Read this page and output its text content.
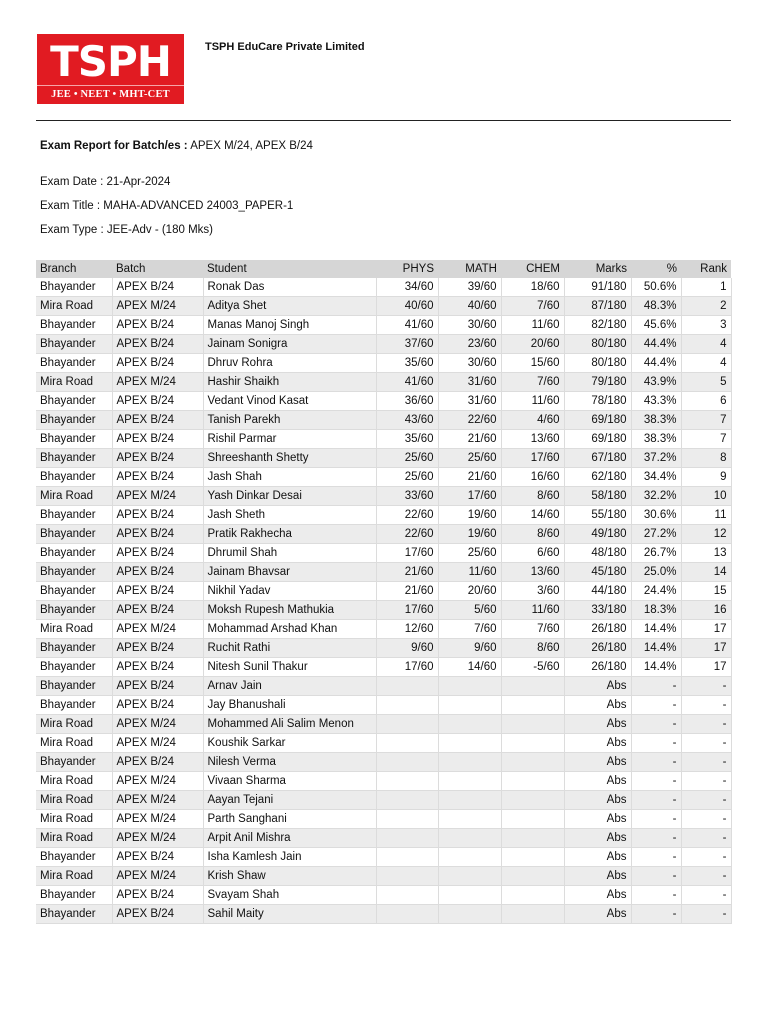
TSPH
JEE • NEET • MHT-CET
TSPH EduCare Private Limited
Exam Report for Batch/es : APEX M/24, APEX B/24
Exam Date : 21-Apr-2024
Exam Title : MAHA-ADVANCED 24003_PAPER-1
Exam Type : JEE-Adv - (180 Mks)
Branch	Batch	Student	PHYS	MATH	CHEM	Marks	%	Rank
Bhayander	APEX B/24	Ronak Das	34/60	39/60	18/60	91/180	50.6%	1
Mira Road	APEX M/24	Aditya Shet	40/60	40/60	7/60	87/180	48.3%	2
Bhayander	APEX B/24	Manas Manoj Singh	41/60	30/60	11/60	82/180	45.6%	3
Bhayander	APEX B/24	Jainam Sonigra	37/60	23/60	20/60	80/180	44.4%	4
Bhayander	APEX B/24	Dhruv Rohra	35/60	30/60	15/60	80/180	44.4%	4
Mira Road	APEX M/24	Hashir Shaikh	41/60	31/60	7/60	79/180	43.9%	5
Bhayander	APEX B/24	Vedant Vinod Kasat	36/60	31/60	11/60	78/180	43.3%	6
Bhayander	APEX B/24	Tanish Parekh	43/60	22/60	4/60	69/180	38.3%	7
Bhayander	APEX B/24	Rishil Parmar	35/60	21/60	13/60	69/180	38.3%	7
Bhayander	APEX B/24	Shreeshanth Shetty	25/60	25/60	17/60	67/180	37.2%	8
Bhayander	APEX B/24	Jash Shah	25/60	21/60	16/60	62/180	34.4%	9
Mira Road	APEX M/24	Yash Dinkar Desai	33/60	17/60	8/60	58/180	32.2%	10
Bhayander	APEX B/24	Jash Sheth	22/60	19/60	14/60	55/180	30.6%	11
Bhayander	APEX B/24	Pratik Rakhecha	22/60	19/60	8/60	49/180	27.2%	12
Bhayander	APEX B/24	Dhrumil Shah	17/60	25/60	6/60	48/180	26.7%	13
Bhayander	APEX B/24	Jainam Bhavsar	21/60	11/60	13/60	45/180	25.0%	14
Bhayander	APEX B/24	Nikhil Yadav	21/60	20/60	3/60	44/180	24.4%	15
Bhayander	APEX B/24	Moksh Rupesh Mathukia	17/60	5/60	11/60	33/180	18.3%	16
Mira Road	APEX M/24	Mohammad Arshad Khan	12/60	7/60	7/60	26/180	14.4%	17
Bhayander	APEX B/24	Ruchit Rathi	9/60	9/60	8/60	26/180	14.4%	17
Bhayander	APEX B/24	Nitesh Sunil Thakur	17/60	14/60	-5/60	26/180	14.4%	17
Bhayander	APEX B/24	Arnav Jain				Abs	-	-
Bhayander	APEX B/24	Jay Bhanushali				Abs	-	-
Mira Road	APEX M/24	Mohammed Ali Salim Menon				Abs	-	-
Mira Road	APEX M/24	Koushik Sarkar				Abs	-	-
Bhayander	APEX B/24	Nilesh Verma				Abs	-	-
Mira Road	APEX M/24	Vivaan Sharma				Abs	-	-
Mira Road	APEX M/24	Aayan Tejani				Abs	-	-
Mira Road	APEX M/24	Parth Sanghani				Abs	-	-
Mira Road	APEX M/24	Arpit Anil Mishra				Abs	-	-
Bhayander	APEX B/24	Isha Kamlesh Jain				Abs	-	-
Mira Road	APEX M/24	Krish Shaw				Abs	-	-
Bhayander	APEX B/24	Svayam Shah				Abs	-	-
Bhayander	APEX B/24	Sahil Maity				Abs	-	-
